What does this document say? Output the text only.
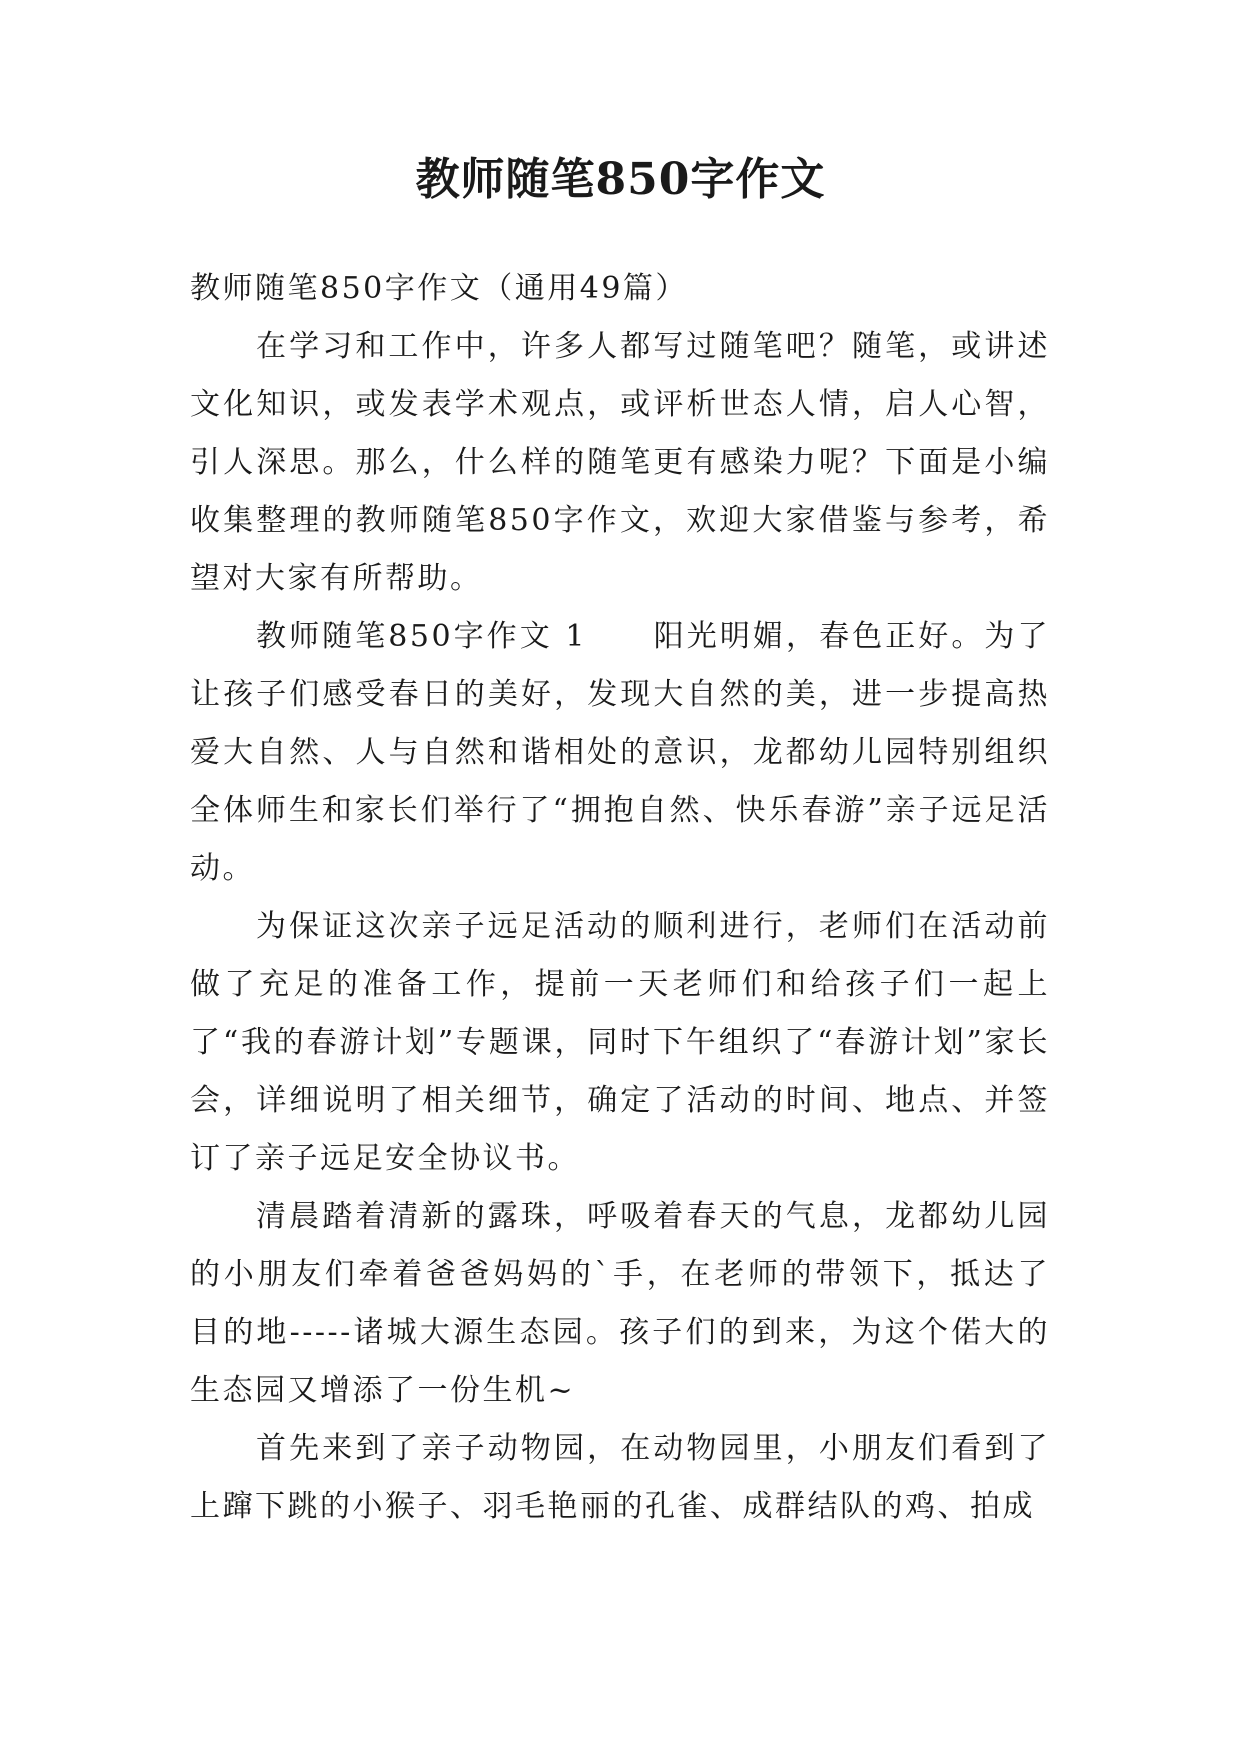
教师随笔850字作文

教师随笔850字作文（通用49篇）

在学习和工作中，许多人都写过随笔吧？随笔，或讲述文化知识，或发表学术观点，或评析世态人情，启人心智，引人深思。那么，什么样的随笔更有感染力呢？下面是小编收集整理的教师随笔850字作文，欢迎大家借鉴与参考，希望对大家有所帮助。

教师随笔850字作文 1　　阳光明媚，春色正好。为了让孩子们感受春日的美好，发现大自然的美，进一步提高热爱大自然、人与自然和谐相处的意识，龙都幼儿园特别组织全体师生和家长们举行了“拥抱自然、快乐春游”亲子远足活动。

为保证这次亲子远足活动的顺利进行，老师们在活动前做了充足的准备工作，提前一天老师们和给孩子们一起上了“我的春游计划”专题课，同时下午组织了“春游计划”家长会，详细说明了相关细节，确定了活动的时间、地点、并签订了亲子远足安全协议书。

清晨踏着清新的露珠，呼吸着春天的气息，龙都幼儿园的小朋友们牵着爸爸妈妈的`手，在老师的带领下，抵达了目的地-----诸城大源生态园。孩子们的到来，为这个偌大的生态园又增添了一份生机~

首先来到了亲子动物园，在动物园里，小朋友们看到了上蹿下跳的小猴子、羽毛艳丽的孔雀、成群结队的鸡、拍成
